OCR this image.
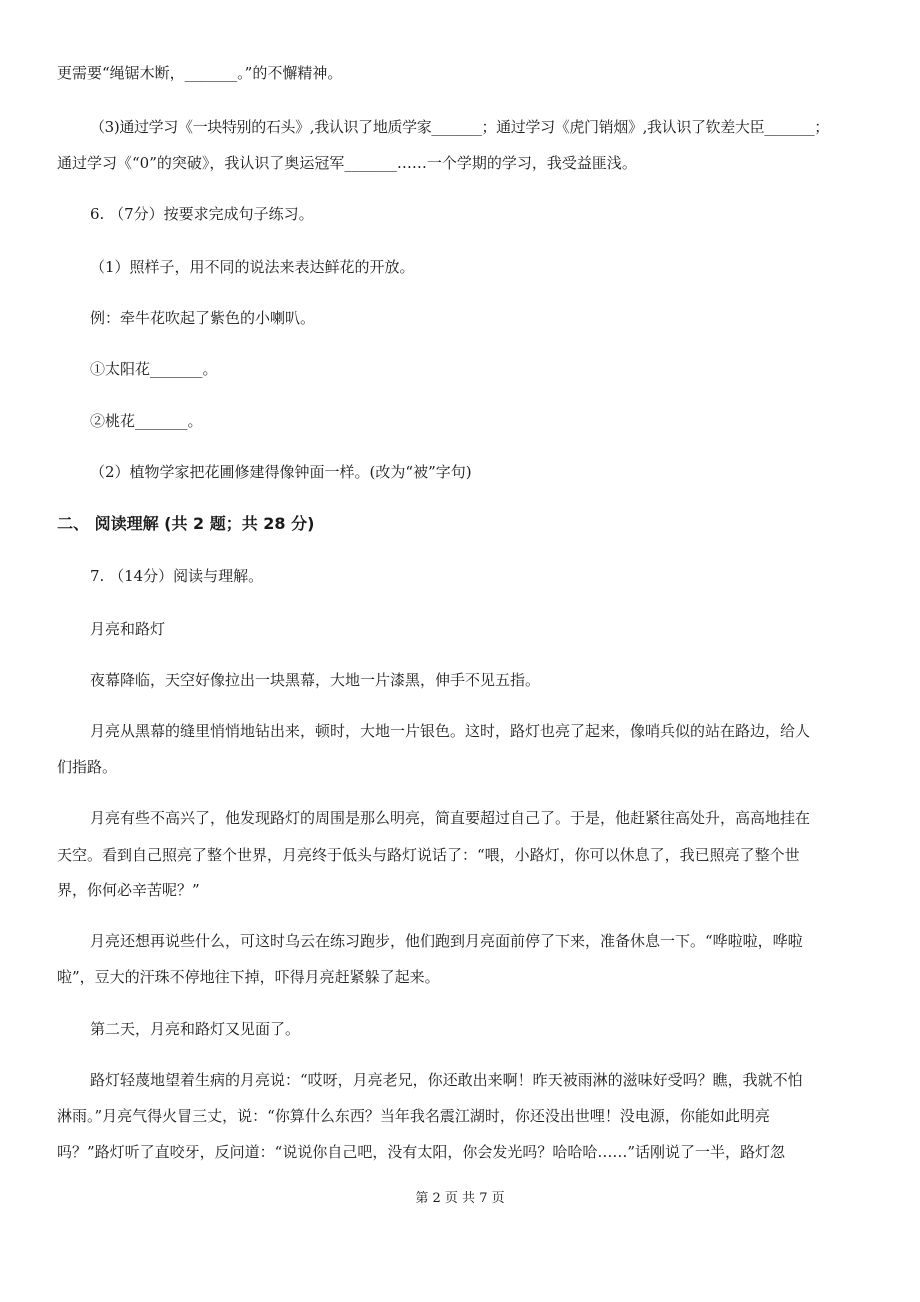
更需要“绳锯木断，_______。”的不懈精神。

（3)通过学习《一块特别的石头》,我认识了地质学家_______；通过学习《虎门销烟》,我认识了钦差大臣_______；

通过学习《“0”的突破》，我认识了奥运冠军_______……一个学期的学习，我受益匪浅。

6. （7分）按要求完成句子练习。

（1）照样子，用不同的说法来表达鲜花的开放。

例：牵牛花吹起了紫色的小喇叭。

①太阳花_______。

②桃花_______。

（2）植物学家把花圃修建得像钟面一样。(改为“被”字句)

二、 阅读理解 (共 2 题；共 28 分)

7. （14分）阅读与理解。

月亮和路灯

夜幕降临，天空好像拉出一块黑幕，大地一片漆黑，伸手不见五指。

月亮从黑幕的缝里悄悄地钻出来，顿时，大地一片银色。这时，路灯也亮了起来，像哨兵似的站在路边，给人

们指路。

月亮有些不高兴了，他发现路灯的周围是那么明亮，简直要超过自己了。于是，他赶紧往高处升，高高地挂在

天空。看到自己照亮了整个世界，月亮终于低头与路灯说话了：“喂，小路灯，你可以休息了，我已照亮了整个世

界，你何必辛苦呢？”

月亮还想再说些什么，可这时乌云在练习跑步，他们跑到月亮面前停了下来，准备休息一下。“哗啦啦，哗啦

啦”，豆大的汗珠不停地往下掉，吓得月亮赶紧躲了起来。

第二天，月亮和路灯又见面了。

路灯轻蔑地望着生病的月亮说：“哎呀，月亮老兄，你还敢出来啊！昨天被雨淋的滋味好受吗？瞧，我就不怕

淋雨。”月亮气得火冒三丈，说：“你算什么东西？当年我名震江湖时，你还没出世哩！没电源，你能如此明亮

吗？”路灯听了直咬牙，反问道：“说说你自己吧，没有太阳，你会发光吗？哈哈哈……”话刚说了一半，路灯忽

第 2 页 共 7 页
